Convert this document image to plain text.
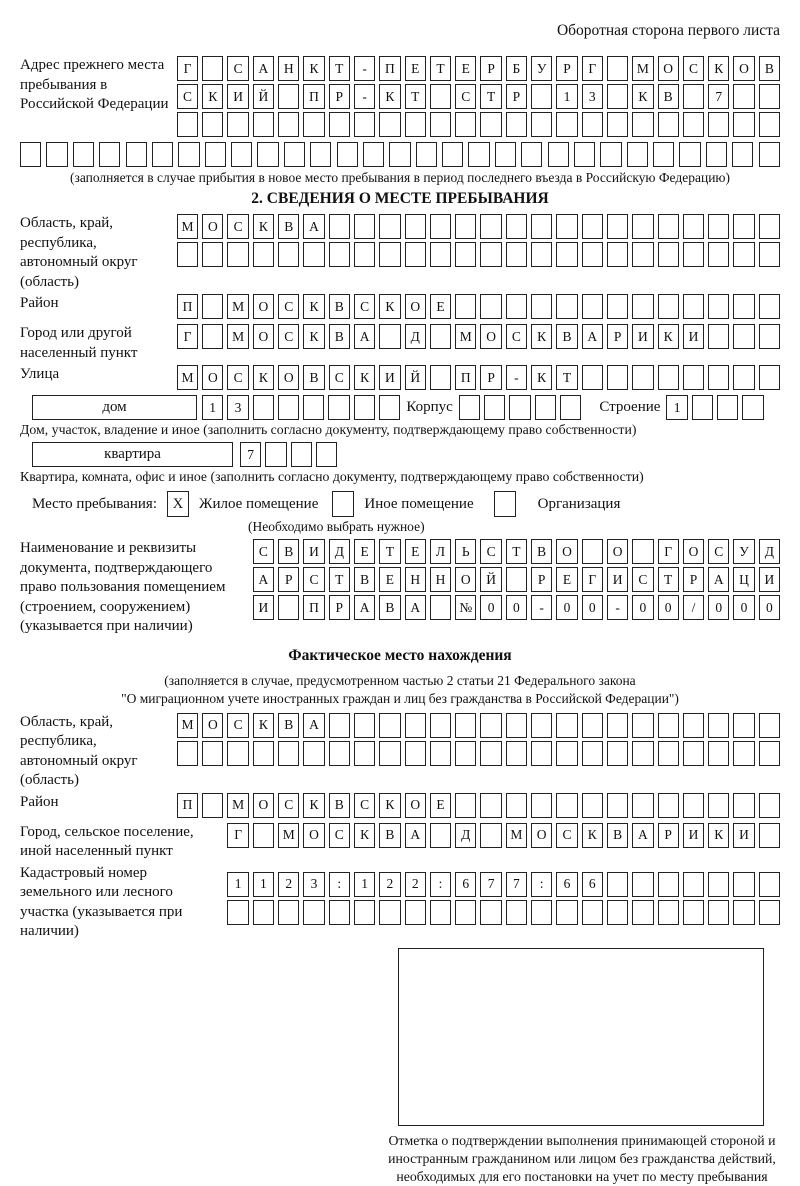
Оборотная сторона первого листа
Адрес прежнего места пребывания в Российской Федерации
Г	С	А	Н	К	Т	-	П	Е	Т	Е	Р	Б	У	Р	Г	М	О	С	К	О	В
С	К	И	Й	П	Р	-	К	Т	С	Т	Р	1	3	К	В	7
(заполняется в случае прибытия в новое место пребывания в период последнего въезда в Российскую Федерацию)
2. СВЕДЕНИЯ О МЕСТЕ ПРЕБЫВАНИЯ
Область, край, республика, автономный округ (область)
М	О	С	К	В	А
Район	П	М	О	С	К	В	С	К	О	Е
Город или другой населенный пункт
Г	М	О	С	К	В	А	Д	М	О	С	К	В	А	Р	И	К	И
Улица	М	О	С	К	О	В	С	К	И	Й	П	Р	-	К	Т
дом	1	3	Корпус	Строение 1
Дом, участок, владение и иное (заполнить согласно документу, подтверждающему право собственности)
квартира	7
Квартира, комната, офис и иное (заполнить согласно документу, подтверждающему право собственности)
Место пребывания:	Х	Жилое помещение	Иное помещение	Организация
(Необходимо выбрать нужное)
Наименование и реквизиты документа, подтверждающего право пользования помещением (строением, сооружением) (указывается при наличии)
С	В	И	Д	Е	Т	Е	Л	Ь	С	Т	В	О	О	Г	О	С	У	Д
А	Р	С	Т	В	Е	Н	Н	О	Й	Р	Е	Г	И	С	Т	Р	А	Ц	И
И	П	Р	А	В	А	№	0	0	-	0	0	-	0	0	/	0	0	0
Фактическое место нахождения
(заполняется в случае, предусмотренном частью 2 статьи 21 Федерального закона
"О миграционном учете иностранных граждан и лиц без гражданства в Российской Федерации")
Область, край, республика, автономный округ (область)
М	О	С	К	В	А
Район	П	М	О	С	К	В	С	К	О	Е
Город, сельское поселение, иной населенный пункт
Г	М	О	С	К	В	А	Д	М	О	С	К	В	А	Р	И	К	И
Кадастровый номер земельного или лесного участка (указывается при наличии)
1	1	2	3	:	1	2	2	:	6	7	7	:	6	6
Отметка о подтверждении выполнения принимающей стороной и иностранным гражданином или лицом без гражданства действий, необходимых для его постановки на учет по месту пребывания
